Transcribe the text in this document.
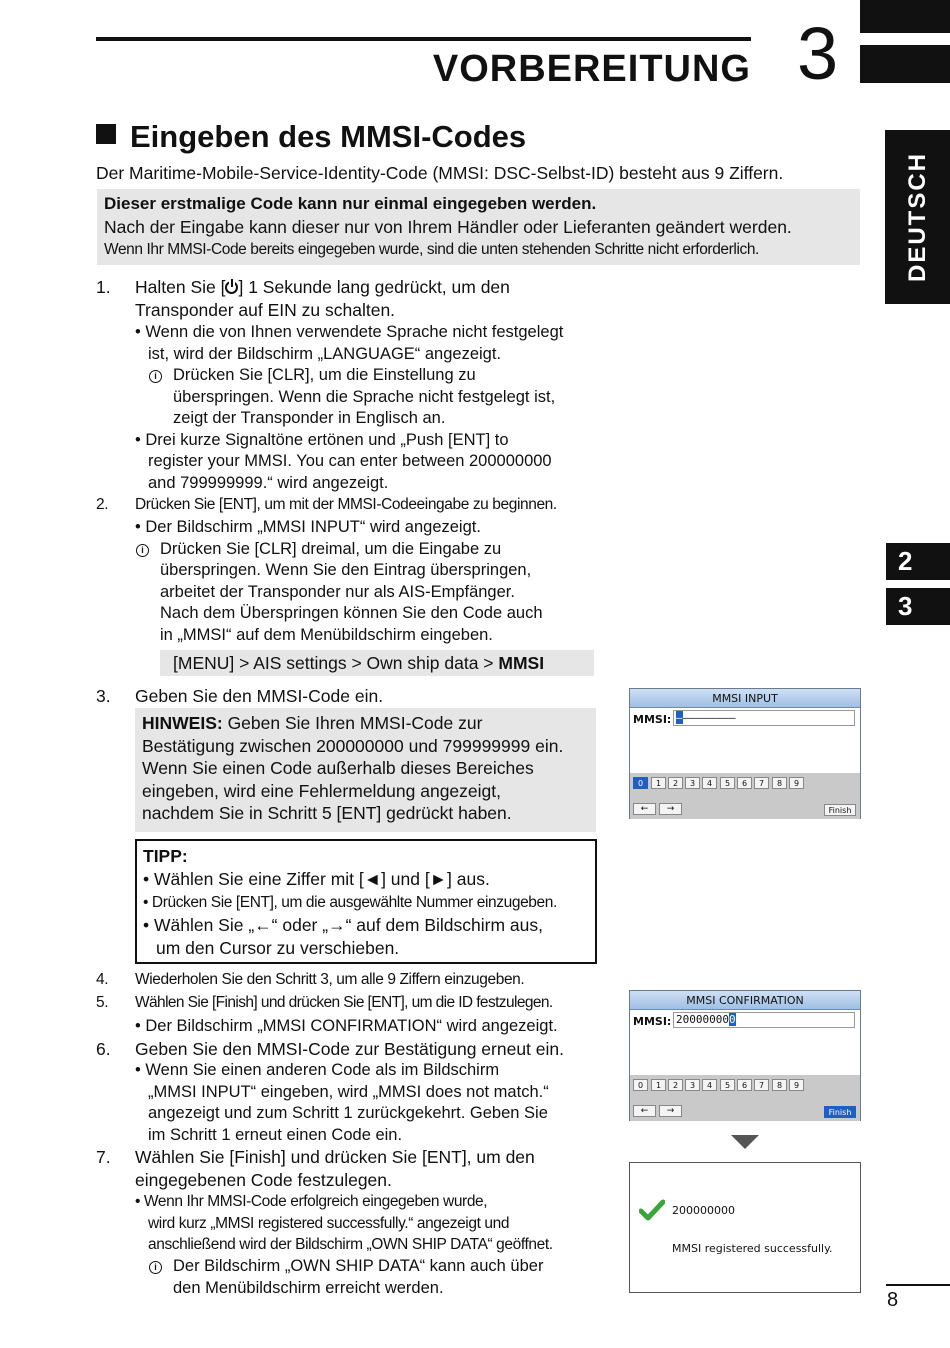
VORBEREITUNG 3
DEUTSCH
2
3
Eingeben des MMSI-Codes
Der Maritime-Mobile-Service-Identity-Code (MMSI: DSC-Selbst-ID) besteht aus 9 Ziffern.
Dieser erstmalige Code kann nur einmal eingegeben werden.
Nach der Eingabe kann dieser nur von Ihrem Händler oder Lieferanten geändert werden.
Wenn Ihr MMSI-Code bereits eingegeben wurde, sind die unten stehenden Schritte nicht erforderlich.
1. Halten Sie [ ] 1 Sekunde lang gedrückt, um den
Transponder auf EIN zu schalten.
• Wenn die von Ihnen verwendete Sprache nicht festgelegt
ist, wird der Bildschirm „LANGUAGE“ angezeigt.
i Drücken Sie [CLR], um die Einstellung zu
überspringen. Wenn die Sprache nicht festgelegt ist,
zeigt der Transponder in Englisch an.
• Drei kurze Signaltöne ertönen und „Push [ENT] to
register your MMSI. You can enter between 200000000
and 799999999.“ wird angezeigt.
2. Drücken Sie [ENT], um mit der MMSI-Codeeingabe zu beginnen.
• Der Bildschirm „MMSI INPUT“ wird angezeigt.
i Drücken Sie [CLR] dreimal, um die Eingabe zu
überspringen. Wenn Sie den Eintrag überspringen,
arbeitet der Transponder nur als AIS-Empfänger.
Nach dem Überspringen können Sie den Code auch
in „MMSI“ auf dem Menübildschirm eingeben.
[MENU] > AIS settings > Own ship data > MMSI
3. Geben Sie den MMSI-Code ein.
HINWEIS: Geben Sie Ihren MMSI-Code zur
Bestätigung zwischen 200000000 und 799999999 ein.
Wenn Sie einen Code außerhalb dieses Bereiches
eingeben, wird eine Fehlermeldung angezeigt,
nachdem Sie in Schritt 5 [ENT] gedrückt haben.
TIPP:
• Wählen Sie eine Ziffer mit [◄] und [►] aus.
• Drücken Sie [ENT], um die ausgewählte Nummer einzugeben.
• Wählen Sie „←“ oder „→“ auf dem Bildschirm aus,
um den Cursor zu verschieben.
4. Wiederholen Sie den Schritt 3, um alle 9 Ziffern einzugeben.
5. Wählen Sie [Finish] und drücken Sie [ENT], um die ID festzulegen.
• Der Bildschirm „MMSI CONFIRMATION“ wird angezeigt.
6. Geben Sie den MMSI-Code zur Bestätigung erneut ein.
• Wenn Sie einen anderen Code als im Bildschirm
„MMSI INPUT“ eingeben, wird „MMSI does not match.“
angezeigt und zum Schritt 1 zurückgekehrt. Geben Sie
im Schritt 1 erneut einen Code ein.
7. Wählen Sie [Finish] und drücken Sie [ENT], um den
eingegebenen Code festzulegen.
• Wenn Ihr MMSI-Code erfolgreich eingegeben wurde,
wird kurz „MMSI registered successfully.“ angezeigt und
anschließend wird der Bildschirm „OWN SHIP DATA“ geöffnet.
i Der Bildschirm „OWN SHIP DATA“ kann auch über
den Menübildschirm erreicht werden.
MMSI INPUT
MMSI: –––––––––
0	1	2	3	4	5	6	7	8	9
←	→	Finish
MMSI CONFIRMATION
MMSI: 200000000
0	1	2	3	4	5	6	7	8	9
←	→	Finish
200000000
MMSI registered successfully.
8
